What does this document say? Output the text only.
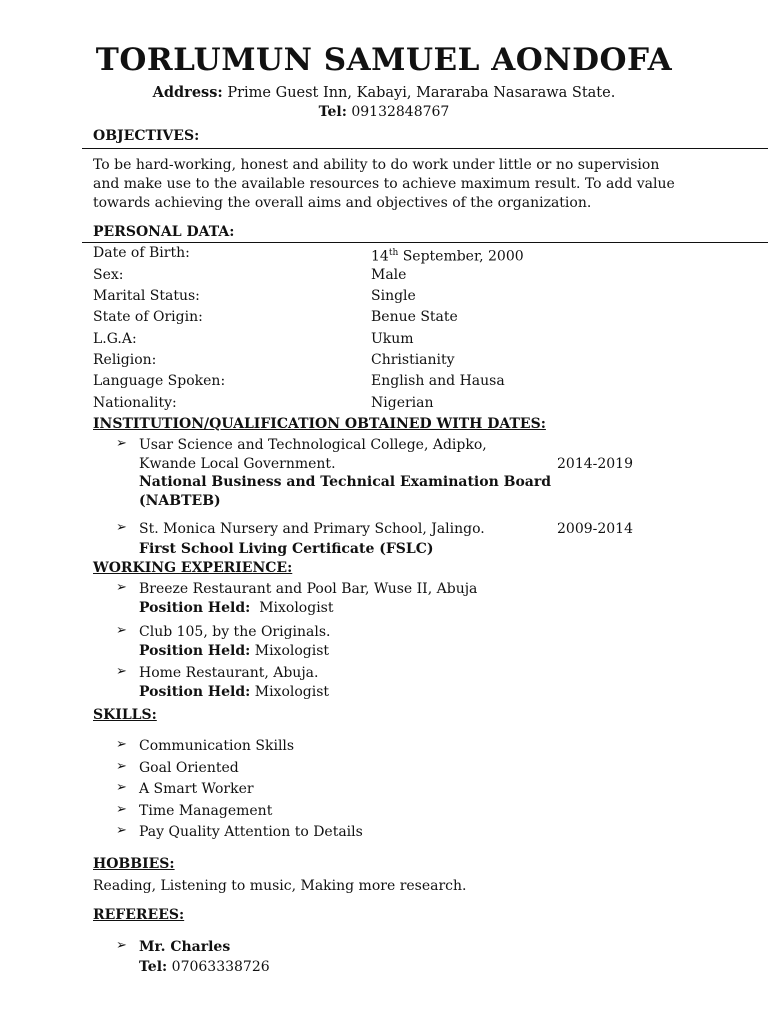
TORLUMUN SAMUEL AONDOFA
Address: Prime Guest Inn, Kabayi, Mararaba Nasarawa State.
Tel: 09132848767
OBJECTIVES:
To be hard-working, honest and ability to do work under little or no supervision
and make use to the available resources to achieve maximum result. To add value
towards achieving the overall aims and objectives of the organization.
PERSONAL DATA:
Date of Birth:	14th September, 2000
Sex:	Male
Marital Status:	Single
State of Origin:	Benue State
L.G.A:	Ukum
Religion:	Christianity
Language Spoken:	English and Hausa
Nationality:	Nigerian
INSTITUTION/QUALIFICATION OBTAINED WITH DATES:
➢ Usar Science and Technological College, Adipko,
Kwande Local Government.	2014-2019
National Business and Technical Examination Board
(NABTEB)
➢ St. Monica Nursery and Primary School, Jalingo.	2009-2014
First School Living Certificate (FSLC)
WORKING EXPERIENCE:
➢ Breeze Restaurant and Pool Bar, Wuse II, Abuja
Position Held: Mixologist
➢ Club 105, by the Originals.
Position Held: Mixologist
➢ Home Restaurant, Abuja.
Position Held: Mixologist
SKILLS:
➢ Communication Skills
➢ Goal Oriented
➢ A Smart Worker
➢ Time Management
➢ Pay Quality Attention to Details
HOBBIES:
Reading, Listening to music, Making more research.
REFEREES:
➢ Mr. Charles
Tel: 07063338726
